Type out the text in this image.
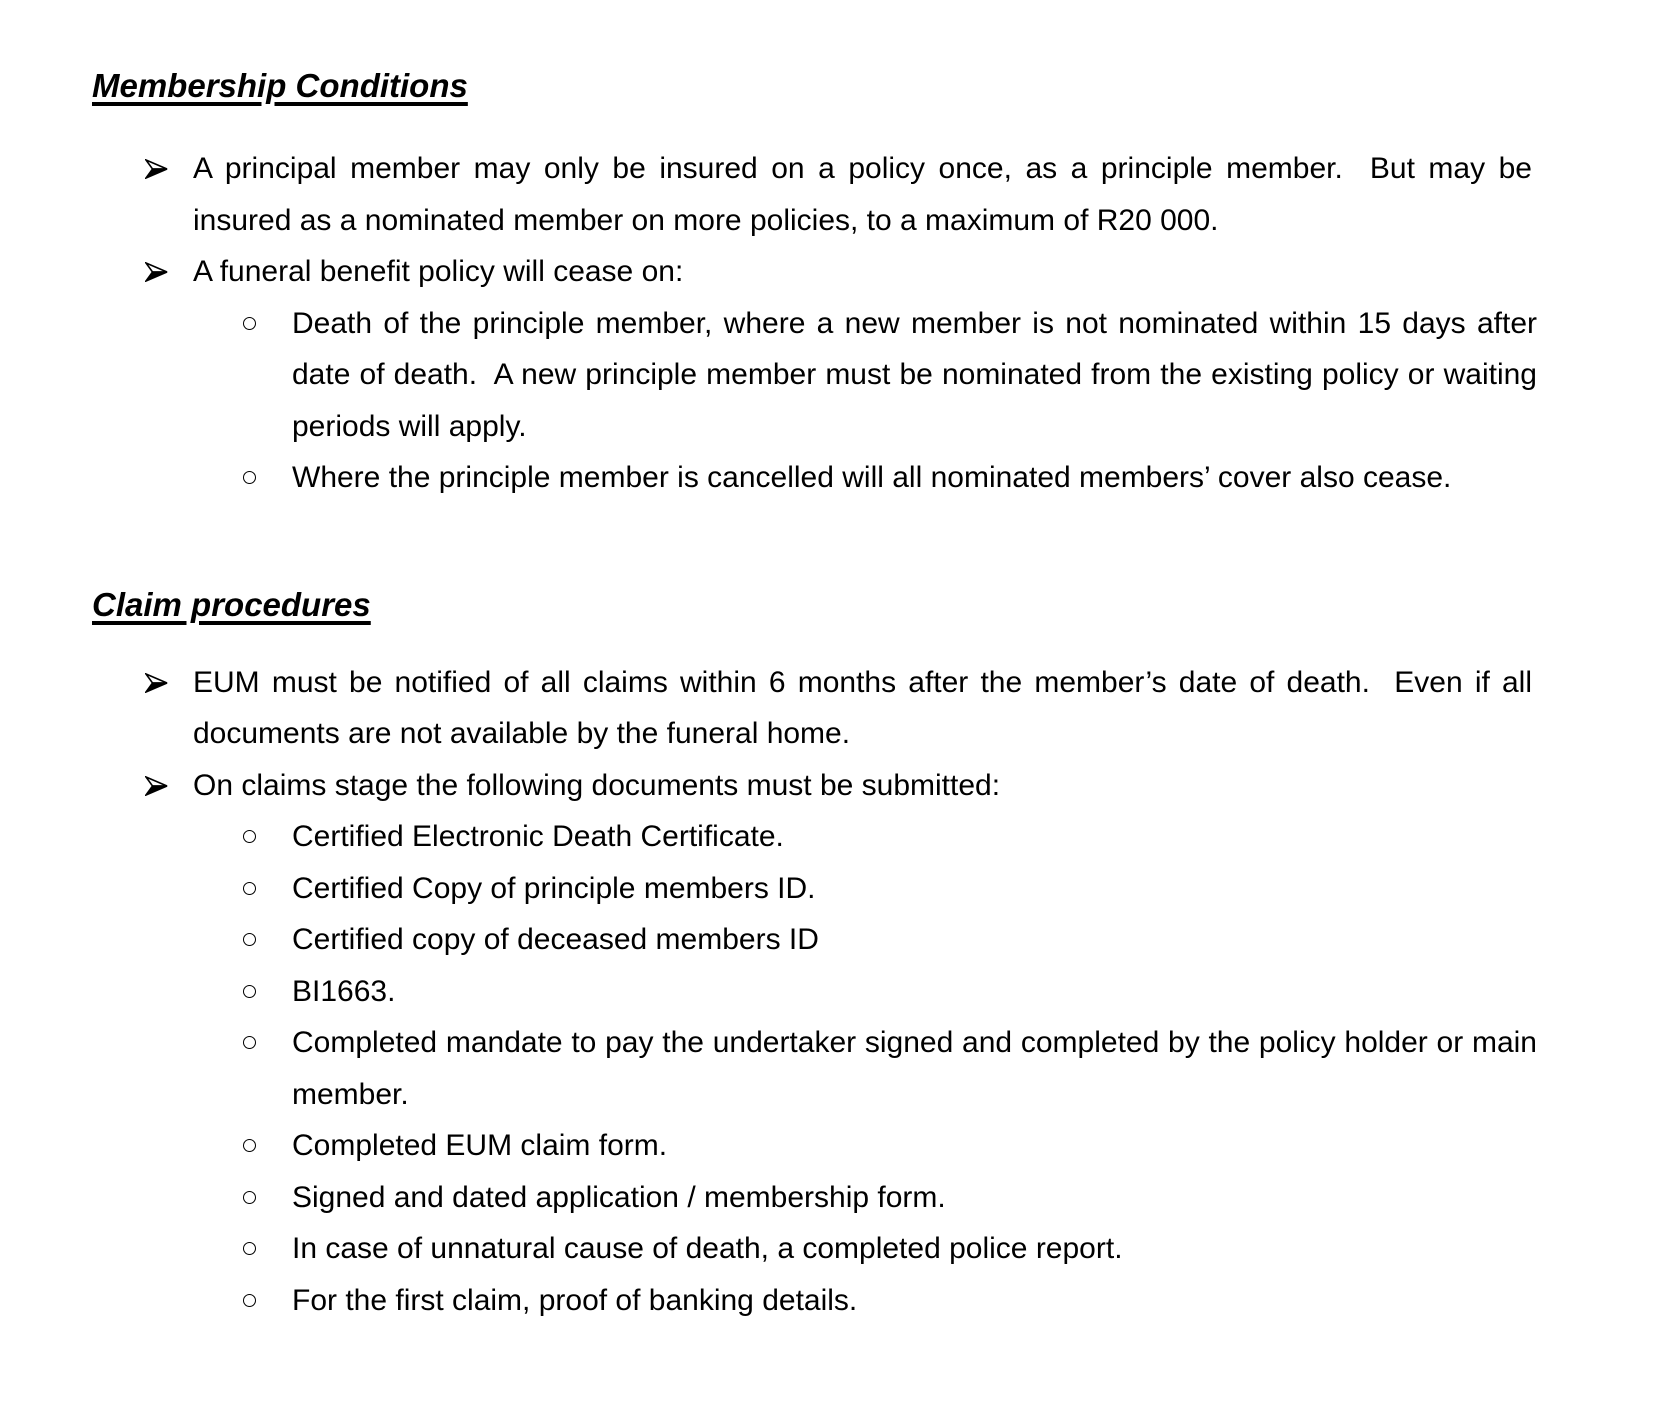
Membership Conditions
A principal member may only be insured on a policy once, as a principle member.  But may be insured as a nominated member on more policies, to a maximum of R20 000.
A funeral benefit policy will cease on:
Death of the principle member, where a new member is not nominated within 15 days after date of death.  A new principle member must be nominated from the existing policy or waiting periods will apply.
Where the principle member is cancelled will all nominated members’ cover also cease.
Claim procedures
EUM must be notified of all claims within 6 months after the member’s date of death.  Even if all documents are not available by the funeral home.
On claims stage the following documents must be submitted:
Certified Electronic Death Certificate.
Certified Copy of principle members ID.
Certified copy of deceased members ID
BI1663.
Completed mandate to pay the undertaker signed and completed by the policy holder or main member.
Completed EUM claim form.
Signed and dated application / membership form.
In case of unnatural cause of death, a completed police report.
For the first claim, proof of banking details.
